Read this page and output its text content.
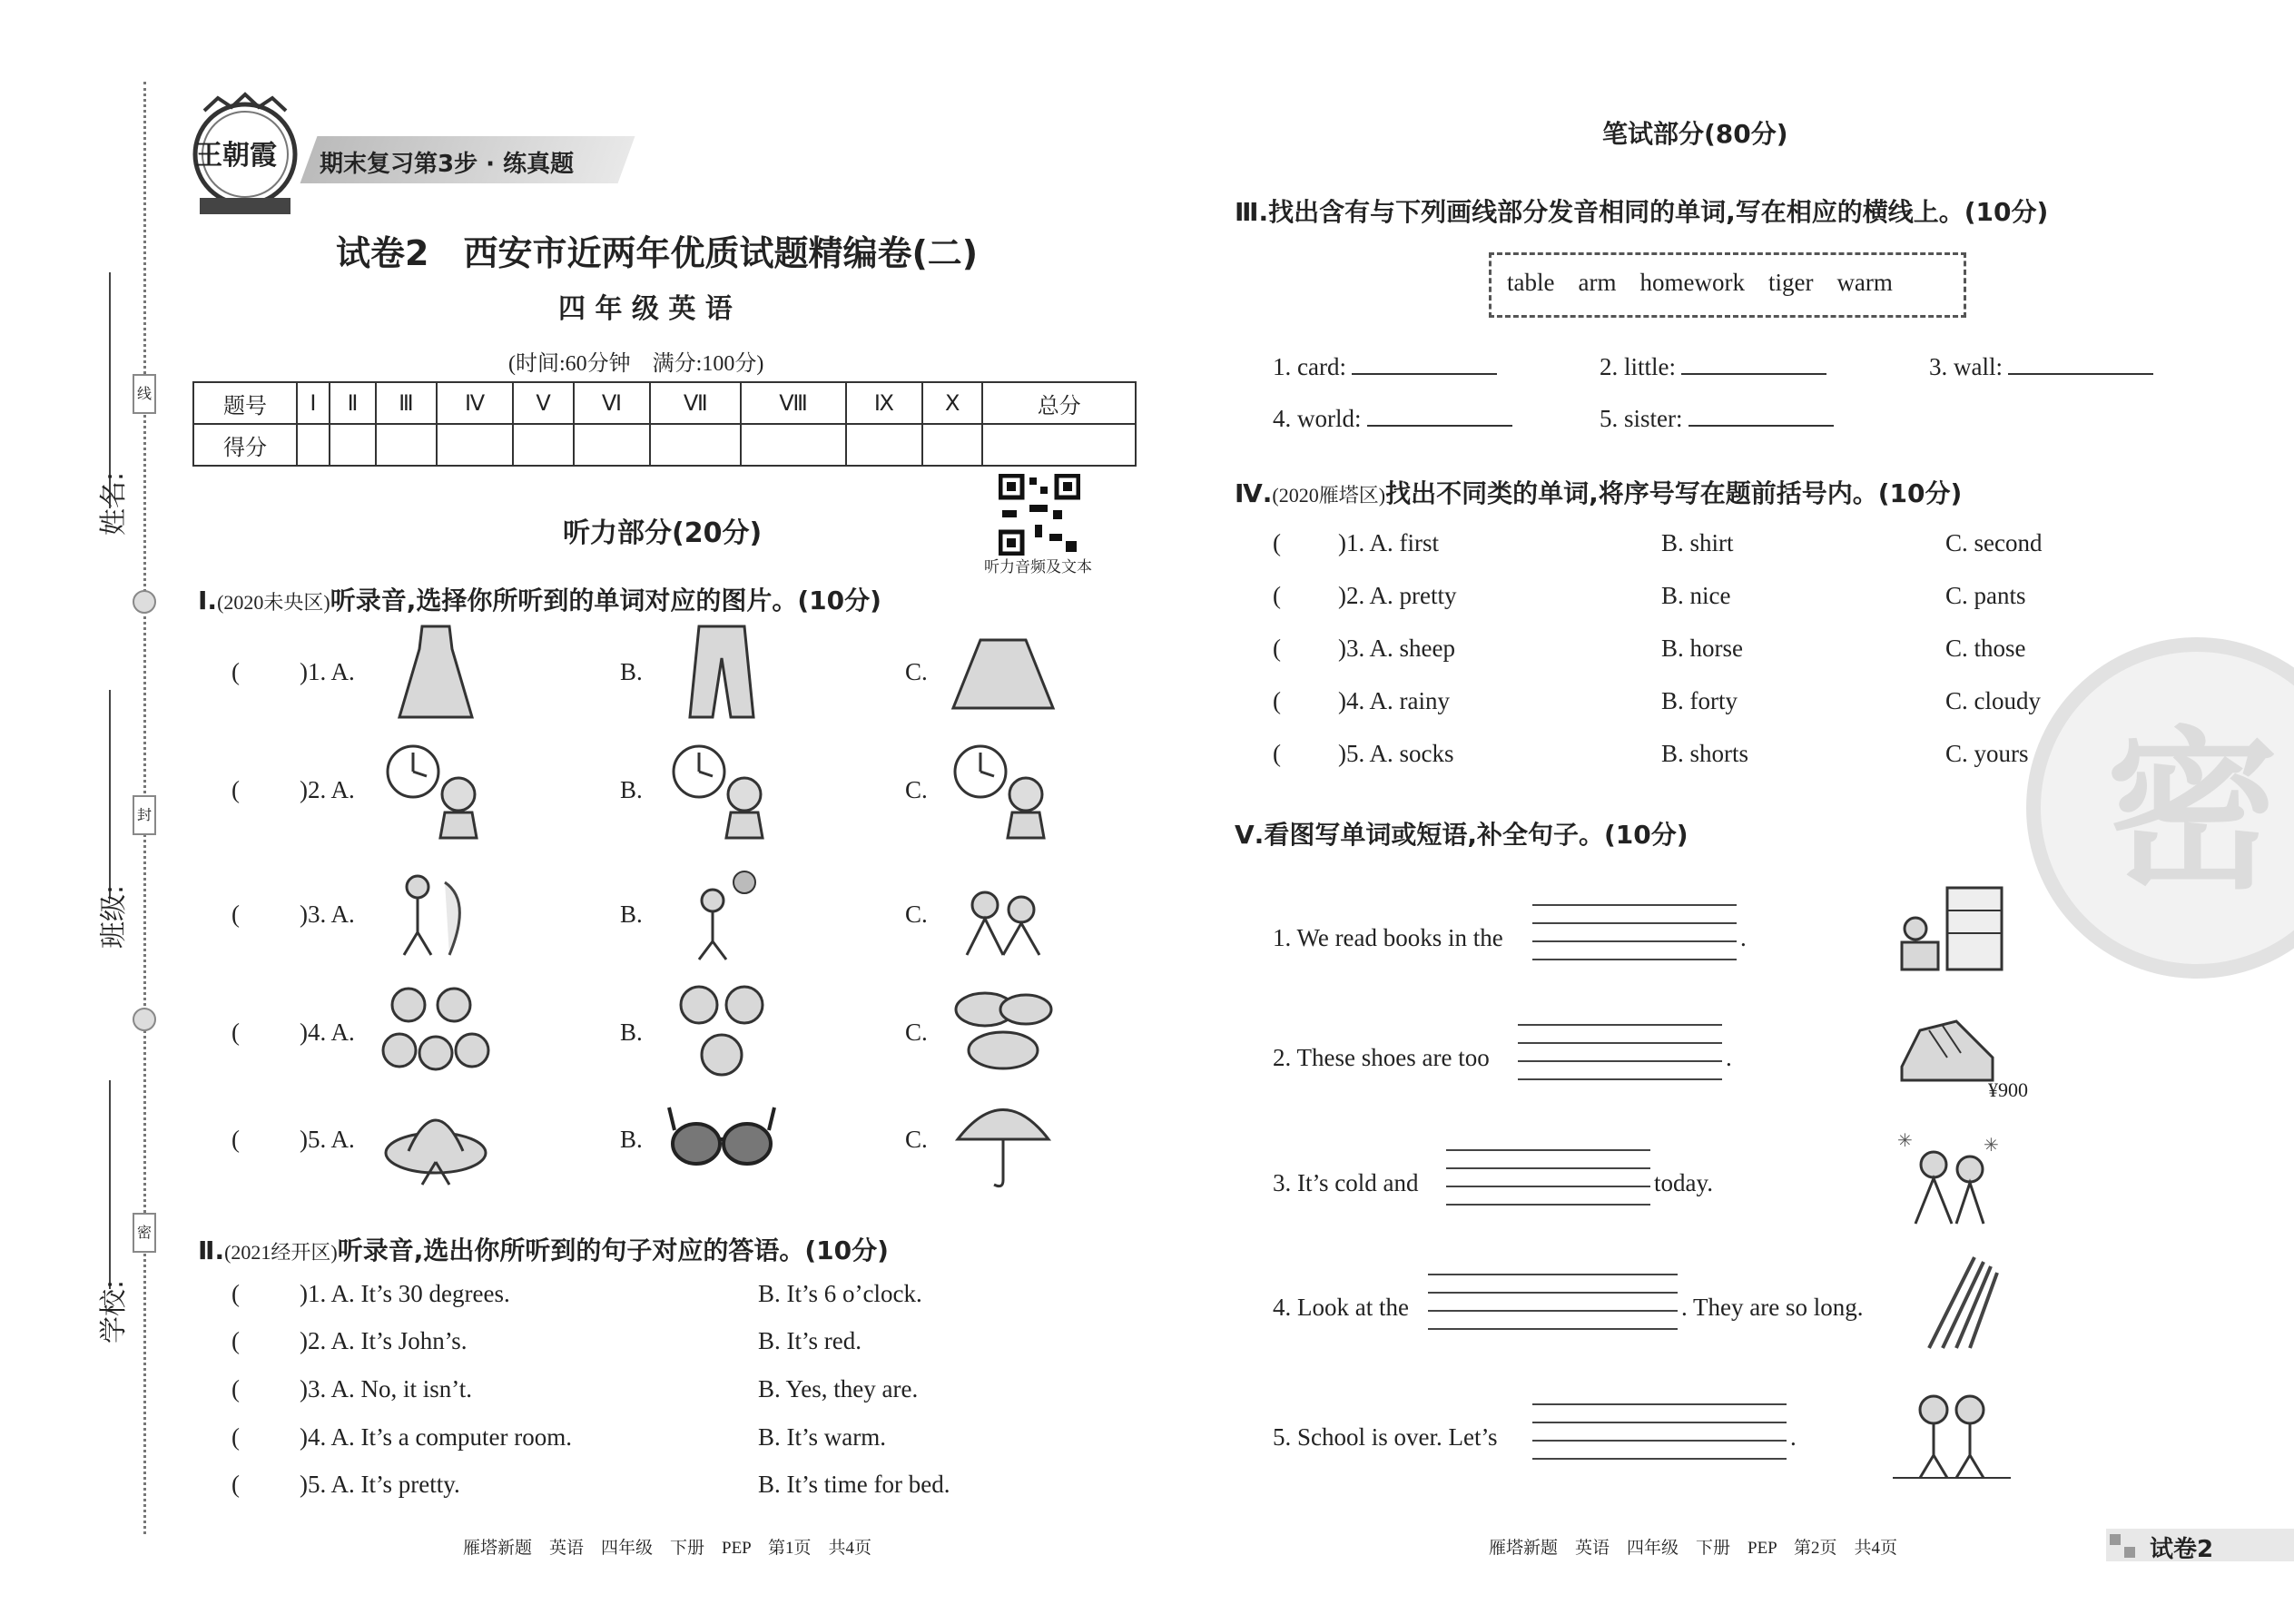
姓名:
班级:
学校:
线
封
密
王朝霞 期末复习第3步 · 练真题
试卷2　西安市近两年优质试题精编卷(二)
四 年 级 英 语
(时间:60分钟　满分:100分)
题号	Ⅰ	Ⅱ	Ⅲ	Ⅳ	Ⅴ	Ⅵ	Ⅶ	Ⅷ	Ⅸ	Ⅹ	总分
得分											
听力部分(20分)
听力音频及文本
Ⅰ.(2020未央区)听录音,选择你所听到的单词对应的图片。(10分)
( )1. A.	B.	C.
( )2. A.	B.	C.
( )3. A.	B.	C.
( )4. A.	B.	C.
( )5. A.	B.	C.
Ⅱ.(2021经开区)听录音,选出你所听到的句子对应的答语。(10分)
( )1. A. It’s 30 degrees.	B. It’s 6 o’clock.
( )2. A. It’s John’s.	B. It’s red.
( )3. A. No, it isn’t.	B. Yes, they are.
( )4. A. It’s a computer room.	B. It’s warm.
( )5. A. It’s pretty.	B. It’s time for bed.
雁塔新题　英语　四年级　下册　PEP　第1页　共4页
笔试部分(80分)
Ⅲ.找出含有与下列画线部分发音相同的单词,写在相应的横线上。(10分)
table arm homework tiger warm
1. card:	2. little:	3. wall:
4. world:	5. sister:
Ⅳ.(2020雁塔区)找出不同类的单词,将序号写在题前括号内。(10分)
( )1. A. first	B. shirt	C. second
( )2. A. pretty	B. nice	C. pants
( )3. A. sheep	B. horse	C. those
( )4. A. rainy	B. forty	C. cloudy
( )5. A. socks	B. shorts	C. yours 密
Ⅴ.看图写单词或短语,补全句子。(10分)
1. We read books in the	.
2. These shoes are too	.
3. It’s cold and	today.
✳	✳
4. Look at the	. They are so long.
5. School is over. Let’s	.
¥900
雁塔新题　英语　四年级　下册　PEP　第2页　共4页	试卷2
